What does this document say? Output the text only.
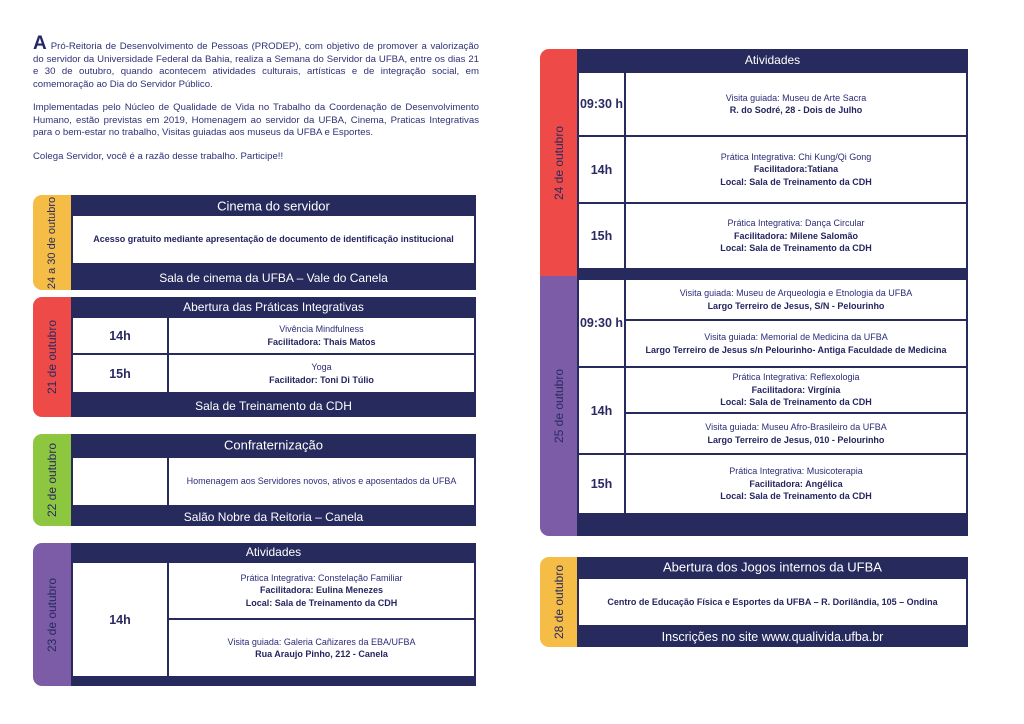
A Pró-Reitoria de Desenvolvimento de Pessoas (PRODEP), com objetivo de promover a valorização do servidor da Universidade Federal da Bahia, realiza a Semana do Servidor da UFBA, entre os dias 21 e 30 de outubro, quando acontecem atividades culturais, artísticas e de integração social, em comemoração ao Dia do Servidor Público.

Implementadas pelo Núcleo de Qualidade de Vida no Trabalho da Coordenação de Desenvolvimento Humano, estão previstas em 2019, Homenagem ao servidor da UFBA, Cinema, Praticas Integrativas para o bem-estar no trabalho, Visitas guiadas aos museus da UFBA e Esportes.

Colega Servidor, você é a razão desse trabalho. Participe!!

24 a 30 de outubro	Cinema do servidor
Acesso gratuito mediante apresentação de documento de identificação institucional
Sala de cinema da UFBA – Vale do Canela
21 de outubro
Abertura das Práticas Integrativas
14h	Vivência Mindfulness
Facilitadora: Thais Matos
15h	Yoga
Facilitador: Toni Di Túlio
Sala de Treinamento da CDH
22 de outubro	Confraternização
Homenagem aos Servidores novos, ativos e aposentados da UFBA
Salão Nobre da Reitoria – Canela
23 de outubro
Atividades
14h
Prática Integrativa: Constelação Familiar
Facilitadora: Eulina Menezes
Local: Sala de Treinamento da CDH
Visita guiada: Galeria Cañizares da EBA/UFBA
Rua Araujo Pinho, 212 - Canela
24 de outubro
Atividades
09:30 h	Visita guiada: Museu de Arte Sacra
R. do Sodré, 28 - Dois de Julho
14h
Prática Integrativa: Chi Kung/Qi Gong
Facilitadora:Tatiana
Local: Sala de Treinamento da CDH
15h
Prática Integrativa: Dança Circular
Facilitadora: Milene Salomão
Local: Sala de Treinamento da CDH
25 de outubro
09:30 h
Visita guiada: Museu de Arqueologia e Etnologia da UFBA
Largo Terreiro de Jesus, S/N - Pelourinho
Visita guiada: Memorial de Medicina da UFBA
Largo Terreiro de Jesus s/n Pelourinho- Antiga Faculdade de Medicina
14h
Prática Integrativa: Reflexologia
Facilitadora: Virgínia
Local: Sala de Treinamento da CDH
Visita guiada: Museu Afro-Brasileiro da UFBA
Largo Terreiro de Jesus, 010 - Pelourinho
15h
Prática Integrativa: Musicoterapia
Facilitadora: Angélica
Local: Sala de Treinamento da CDH
28 de outubro	Abertura dos Jogos internos da UFBA
Centro de Educação Física e Esportes da UFBA – R. Dorilândia, 105 – Ondina
Inscrições no site www.qualivida.ufba.br
